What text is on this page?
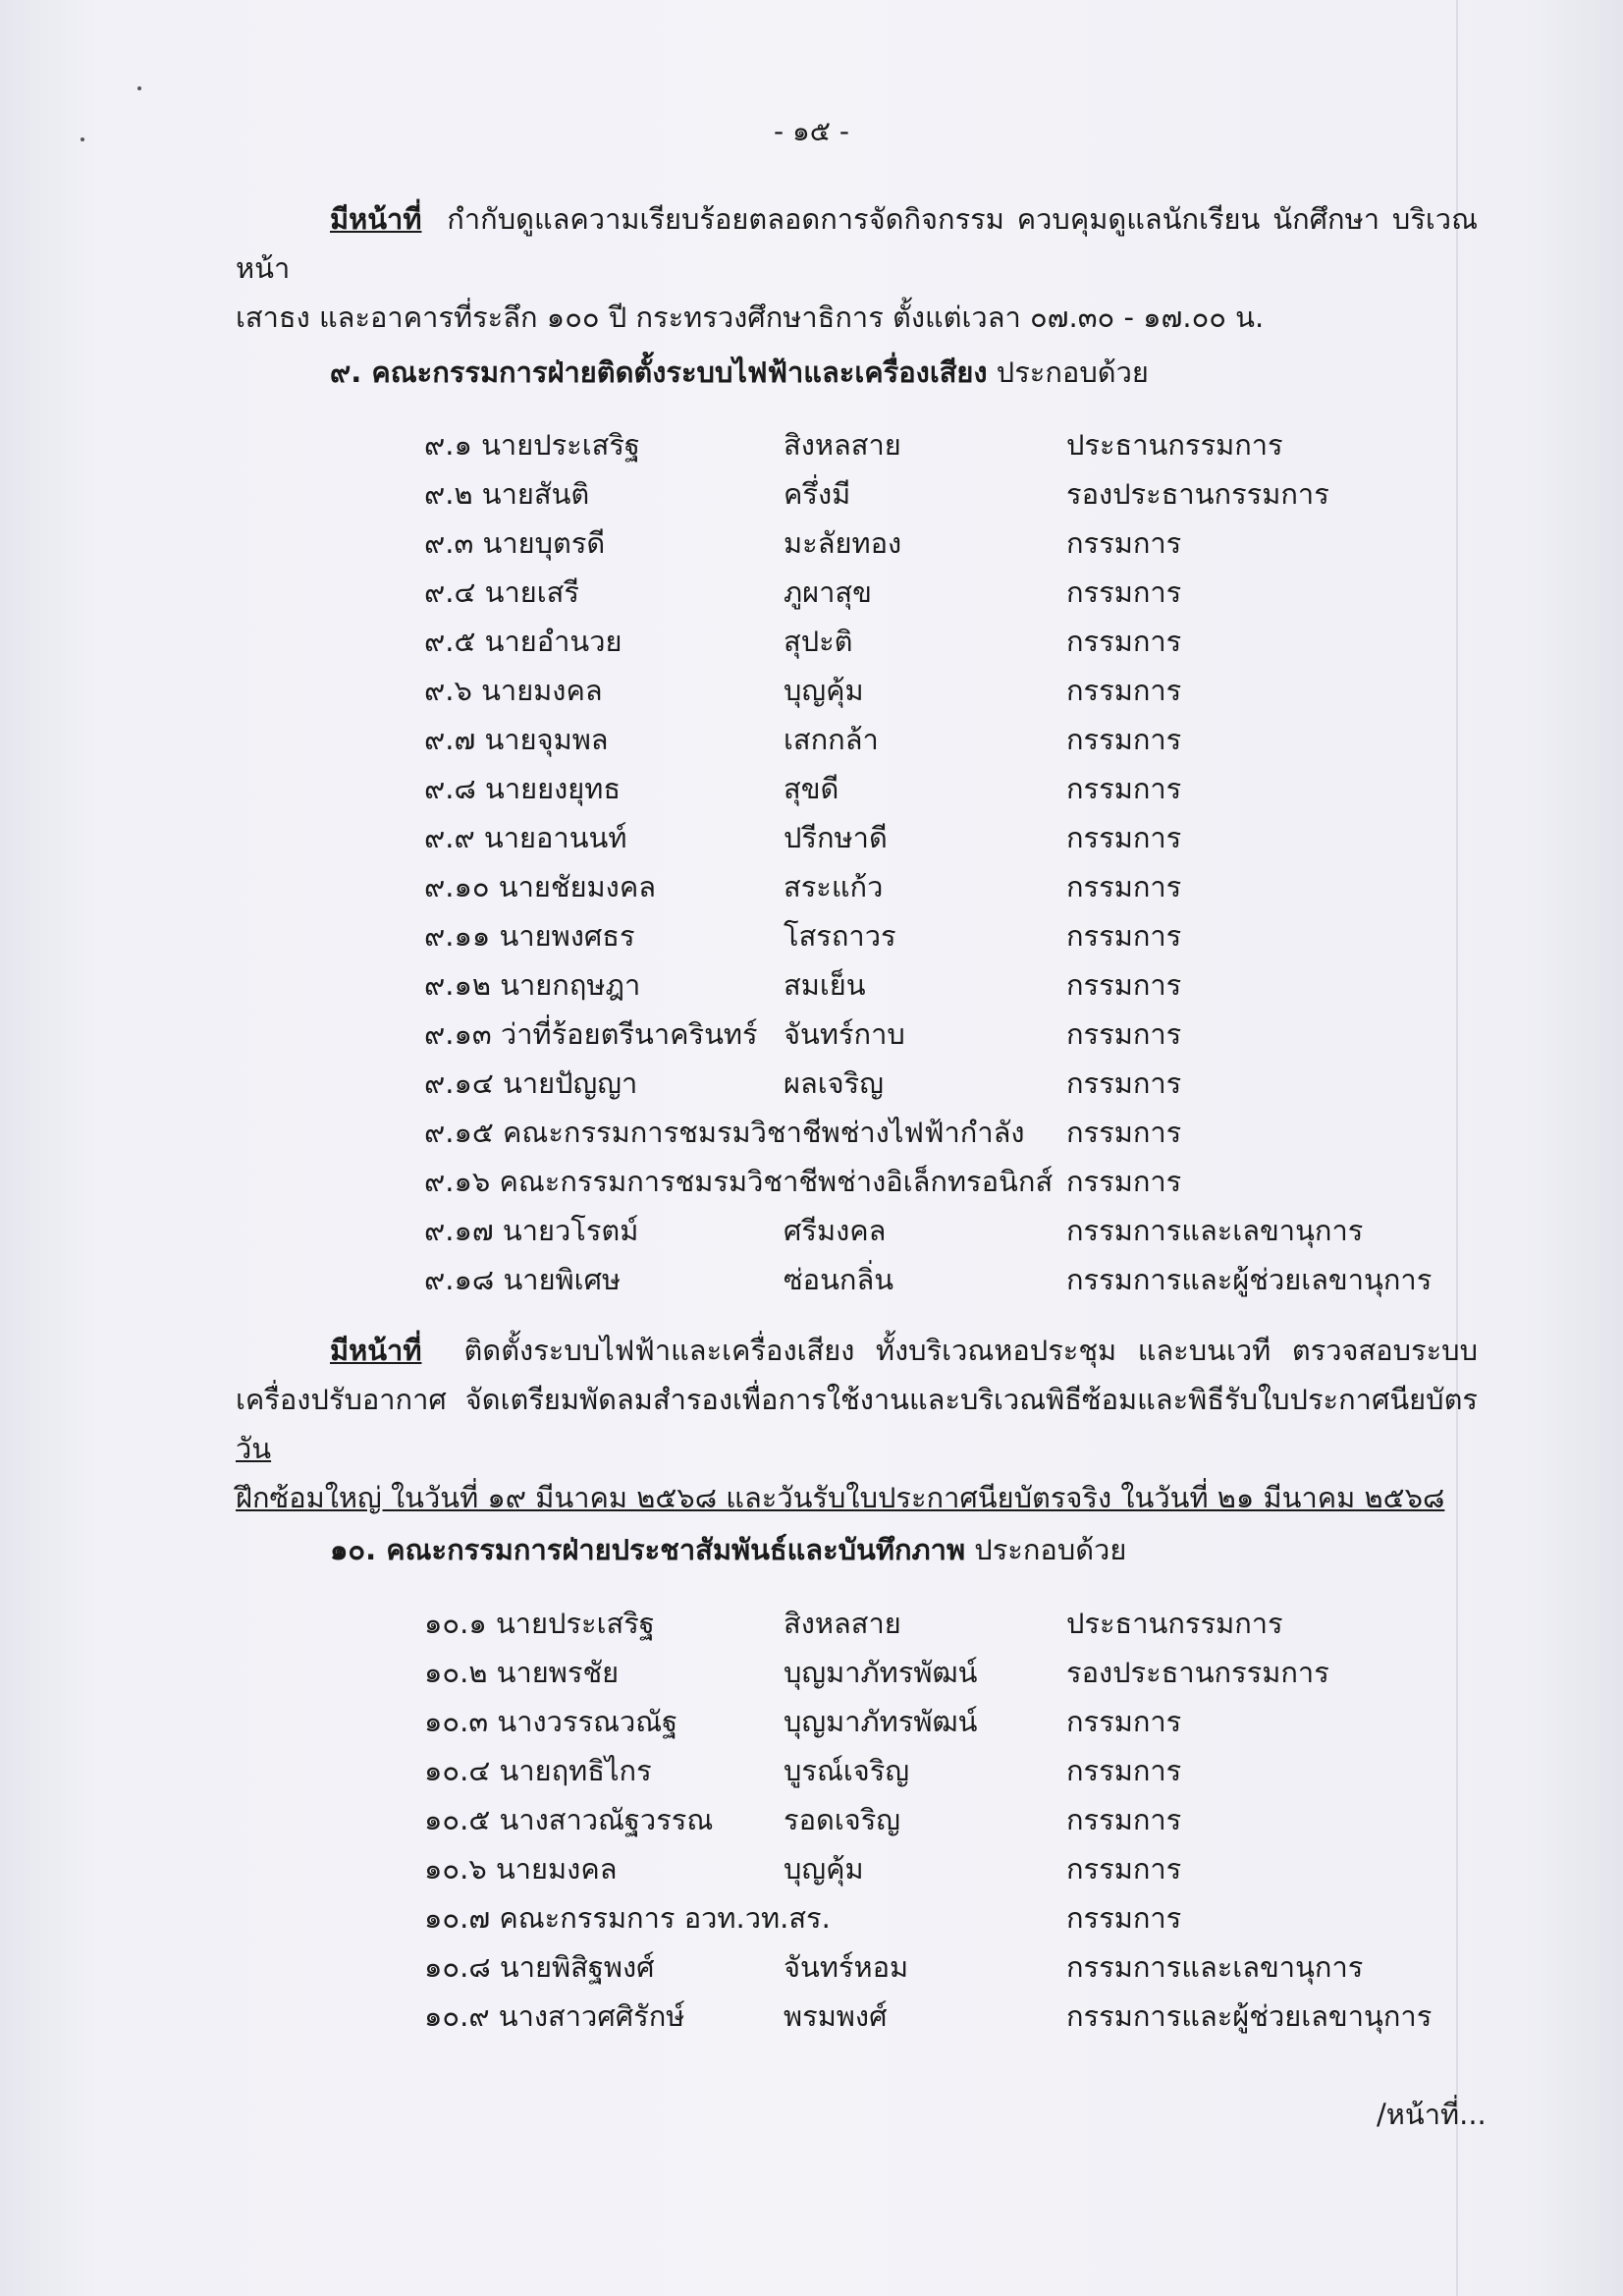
- ๑๕ -
มีหน้าที่ กำกับดูแลความเรียบร้อยตลอดการจัดกิจกรรม ควบคุมดูแลนักเรียน นักศึกษา บริเวณหน้า
เสาธง และอาคารที่ระลึก ๑๐๐ ปี กระทรวงศึกษาธิการ ตั้งแต่เวลา ๐๗.๓๐ - ๑๗.๐๐ น.
๙. คณะกรรมการฝ่ายติดตั้งระบบไฟฟ้าและเครื่องเสียง ประกอบด้วย
๙.๑ นายประเสริฐ	สิงหลสาย	ประธานกรรมการ
๙.๒ นายสันติ	ครึ่งมี	รองประธานกรรมการ
๙.๓ นายบุตรดี	มะลัยทอง	กรรมการ
๙.๔ นายเสรี	ภูผาสุข	กรรมการ
๙.๕ นายอำนวย	สุปะติ	กรรมการ
๙.๖ นายมงคล	บุญคุ้ม	กรรมการ
๙.๗ นายจุมพล	เสกกล้า	กรรมการ
๙.๘ นายยงยุทธ	สุขดี	กรรมการ
๙.๙ นายอานนท์	ปรีกษาดี	กรรมการ
๙.๑๐ นายชัยมงคล	สระแก้ว	กรรมการ
๙.๑๑ นายพงศธร	โสรถาวร	กรรมการ
๙.๑๒ นายกฤษฎา	สมเย็น	กรรมการ
๙.๑๓ ว่าที่ร้อยตรีนาครินทร์ จันทร์กาบ	กรรมการ
๙.๑๔ นายปัญญา	ผลเจริญ	กรรมการ
๙.๑๕ คณะกรรมการชมรมวิชาชีพช่างไฟฟ้ากำลัง กรรมการ
๙.๑๖ คณะกรรมการชมรมวิชาชีพช่างอิเล็กทรอนิกส์ กรรมการ
๙.๑๗ นายวโรตม์	ศรีมงคล	กรรมการและเลขานุการ
๙.๑๘ นายพิเศษ	ซ่อนกลิ่น	กรรมการและผู้ช่วยเลขานุการ
มีหน้าที่ ติดตั้งระบบไฟฟ้าและเครื่องเสียง ทั้งบริเวณหอประชุม และบนเวที ตรวจสอบระบบ
เครื่องปรับอากาศ จัดเตรียมพัดลมสำรองเพื่อการใช้งานและบริเวณพิธีซ้อมและพิธีรับใบประกาศนียบัตร วัน
ฝึกซ้อมใหญ่ ในวันที่ ๑๙ มีนาคม ๒๕๖๘ และวันรับใบประกาศนียบัตรจริง ในวันที่ ๒๑ มีนาคม ๒๕๖๘
๑๐. คณะกรรมการฝ่ายประชาสัมพันธ์และบันทึกภาพ ประกอบด้วย
๑๐.๑ นายประเสริฐ	สิงหลสาย	ประธานกรรมการ
๑๐.๒ นายพรชัย	บุญมาภัทรพัฒน์	รองประธานกรรมการ
๑๐.๓ นางวรรณวณัฐ	บุญมาภัทรพัฒน์	กรรมการ
๑๐.๔ นายฤทธิไกร	บูรณ์เจริญ	กรรมการ
๑๐.๕ นางสาวณัฐวรรณ รอดเจริญ	กรรมการ
๑๐.๖ นายมงคล	บุญคุ้ม	กรรมการ
๑๐.๗ คณะกรรมการ อวท.วท.สร.	กรรมการ
๑๐.๘ นายพิสิฐพงศ์	จันทร์หอม	กรรมการและเลขานุการ
๑๐.๙ นางสาวศศิรักษ์	พรมพงศ์	กรรมการและผู้ช่วยเลขานุการ
/หน้าที่...
